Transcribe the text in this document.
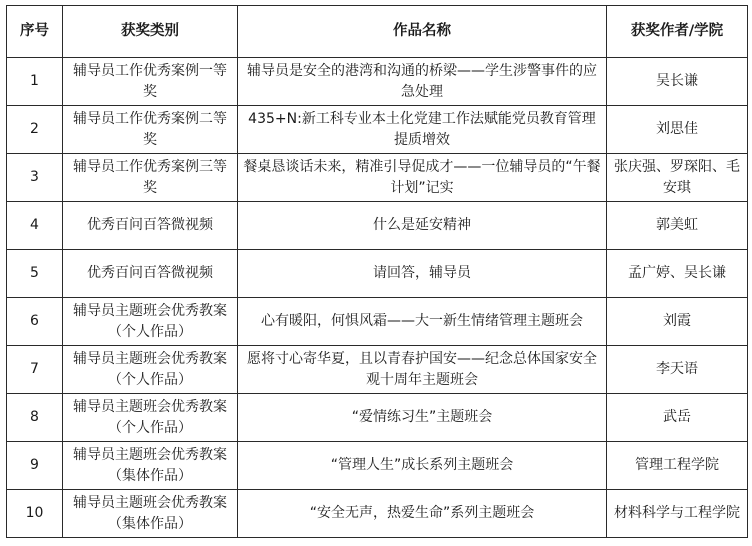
序号	获奖类别	作品名称	获奖作者/学院
1	辅导员工作优秀案例一等奖	辅导员是安全的港湾和沟通的桥梁——学生涉警事件的应急处理	吴长谦
2	辅导员工作优秀案例二等奖	435+N:新工科专业本土化党建工作法赋能党员教育管理提质增效	刘思佳
3	辅导员工作优秀案例三等奖	餐桌恳谈话未来，精准引导促成才——一位辅导员的“午餐计划”记实	张庆强、罗琛阳、毛安琪
4	优秀百问百答微视频	什么是延安精神	郭美虹
5	优秀百问百答微视频	请回答，辅导员	孟广婷、吴长谦
6	辅导员主题班会优秀教案（个人作品）	心有暖阳，何惧风霜——大一新生情绪管理主题班会	刘霞
7	辅导员主题班会优秀教案（个人作品）	愿将寸心寄华夏，且以青春护国安——纪念总体国家安全观十周年主题班会	李天语
8	辅导员主题班会优秀教案（个人作品）	“爱情练习生”主题班会	武岳
9	辅导员主题班会优秀教案（集体作品）	“管理人生”成长系列主题班会	管理工程学院
10	辅导员主题班会优秀教案（集体作品）	“安全无声，热爱生命”系列主题班会	材料科学与工程学院
